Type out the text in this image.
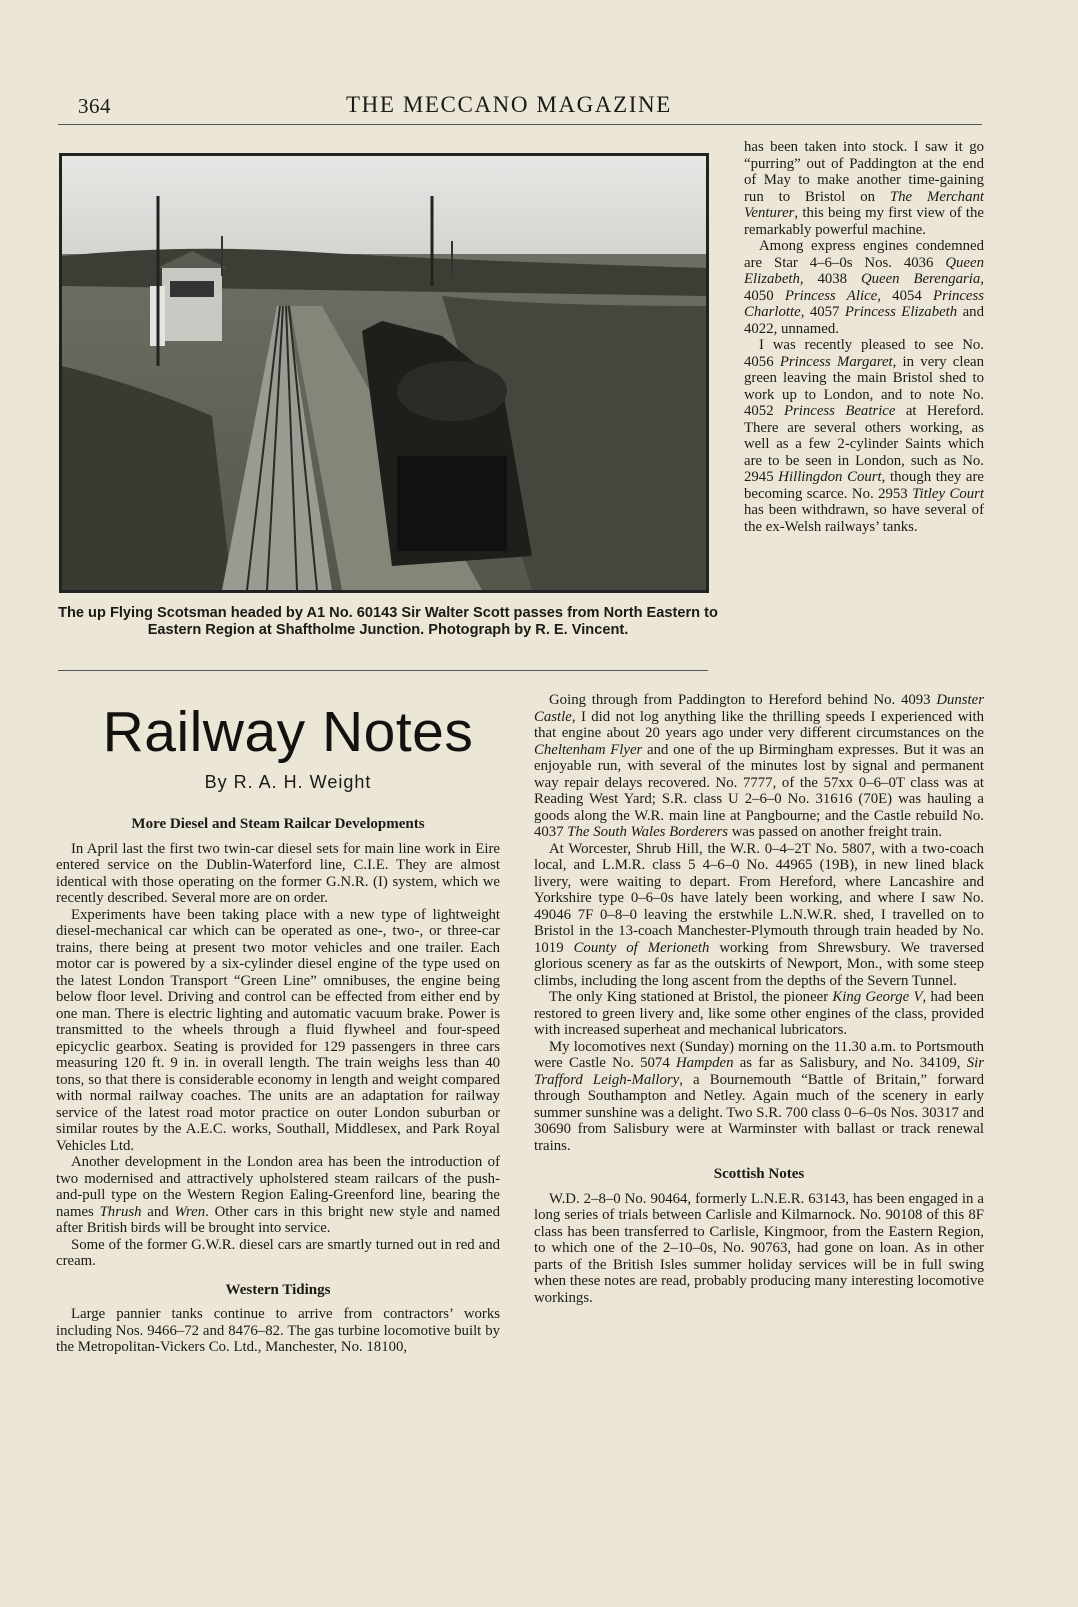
364	THE MECCANO MAGAZINE
The up Flying Scotsman headed by A1 No. 60143 Sir Walter Scott passes from North Eastern to Eastern Region at Shaftholme Junction. Photograph by R. E. Vincent.
Railway Notes
By R. A. H. Weight
More Diesel and Steam Railcar Developments

In April last the first two twin-car diesel sets for main line work in Eire entered service on the Dublin-Waterford line, C.I.E. They are almost identical with those operating on the former G.N.R. (I) system, which we recently described. Several more are on order.

Experiments have been taking place with a new type of lightweight diesel-mechanical car which can be operated as one-, two-, or three-car trains, there being at present two motor vehicles and one trailer. Each motor car is powered by a six-cylinder diesel engine of the type used on the latest London Transport “Green Line” omnibuses, the engine being below floor level. Driving and control can be effected from either end by one man. There is electric lighting and automatic vacuum brake. Power is transmitted to the wheels through a fluid flywheel and four-speed epicyclic gearbox. Seating is provided for 129 passengers in three cars measuring 120 ft. 9 in. in overall length. The train weighs less than 40 tons, so that there is considerable economy in length and weight compared with normal railway coaches. The units are an adaptation for railway service of the latest road motor practice on outer London suburban or similar routes by the A.E.C. works, Southall, Middlesex, and Park Royal Vehicles Ltd.

Another development in the London area has been the introduction of two modernised and attractively upholstered steam railcars of the push-and-pull type on the Western Region Ealing-Greenford line, bearing the names Thrush and Wren. Other cars in this bright new style and named after British birds will be brought into service.

Some of the former G.W.R. diesel cars are smartly turned out in red and cream.

Western Tidings

Large pannier tanks continue to arrive from contractors’ works including Nos. 9466–72 and 8476–82. The gas turbine locomotive built by the Metropolitan-Vickers Co. Ltd., Manchester, No. 18100,

has been taken into stock. I saw it go “purring” out of Paddington at the end of May to make another time-gaining run to Bristol on The Merchant Venturer, this being my first view of the remarkably powerful machine.

Among express engines condemned are Star 4–6–0s Nos. 4036 Queen Elizabeth, 4038 Queen Berengaria, 4050 Princess Alice, 4054 Princess Charlotte, 4057 Princess Elizabeth and 4022, unnamed.

I was recently pleased to see No. 4056 Princess Margaret, in very clean green leaving the main Bristol shed to work up to London, and to note No. 4052 Princess Beatrice at Hereford. There are several others working, as well as a few 2-cylinder Saints which are to be seen in London, such as No. 2945 Hillingdon Court, though they are becoming scarce. No. 2953 Titley Court has been withdrawn, so have several of the ex-Welsh railways’ tanks.

Going through from Paddington to Hereford behind No. 4093 Dunster Castle, I did not log anything like the thrilling speeds I experienced with that engine about 20 years ago under very different circumstances on the Cheltenham Flyer and one of the up Birmingham expresses. But it was an enjoyable run, with several of the minutes lost by signal and permanent way repair delays recovered. No. 7777, of the 57xx 0–6–0T class was at Reading West Yard; S.R. class U 2–6–0 No. 31616 (70E) was hauling a goods along the W.R. main line at Pangbourne; and the Castle rebuild No. 4037 The South Wales Borderers was passed on another freight train.

At Worcester, Shrub Hill, the W.R. 0–4–2T No. 5807, with a two-coach local, and L.M.R. class 5 4–6–0 No. 44965 (19B), in new lined black livery, were waiting to depart. From Hereford, where Lancashire and Yorkshire type 0–6–0s have lately been working, and where I saw No. 49046 7F 0–8–0 leaving the erstwhile L.N.W.R. shed, I travelled on to Bristol in the 13-coach Manchester-Plymouth through train headed by No. 1019 County of Merioneth working from Shrewsbury. We traversed glorious scenery as far as the outskirts of Newport, Mon., with some steep climbs, including the long ascent from the depths of the Severn Tunnel.

The only King stationed at Bristol, the pioneer King George V, had been restored to green livery and, like some other engines of the class, provided with increased superheat and mechanical lubricators.

My locomotives next (Sunday) morning on the 11.30 a.m. to Portsmouth were Castle No. 5074 Hampden as far as Salisbury, and No. 34109, Sir Trafford Leigh-Mallory, a Bournemouth “Battle of Britain,” forward through Southampton and Netley. Again much of the scenery in early summer sunshine was a delight. Two S.R. 700 class 0–6–0s Nos. 30317 and 30690 from Salisbury were at Warminster with ballast or track renewal trains.

Scottish Notes

W.D. 2–8–0 No. 90464, formerly L.N.E.R. 63143, has been engaged in a long series of trials between Carlisle and Kilmarnock. No. 90108 of this 8F class has been transferred to Carlisle, Kingmoor, from the Eastern Region, to which one of the 2–10–0s, No. 90763, had gone on loan. As in other parts of the British Isles summer holiday services will be in full swing when these notes are read, probably producing many interesting locomotive workings.
